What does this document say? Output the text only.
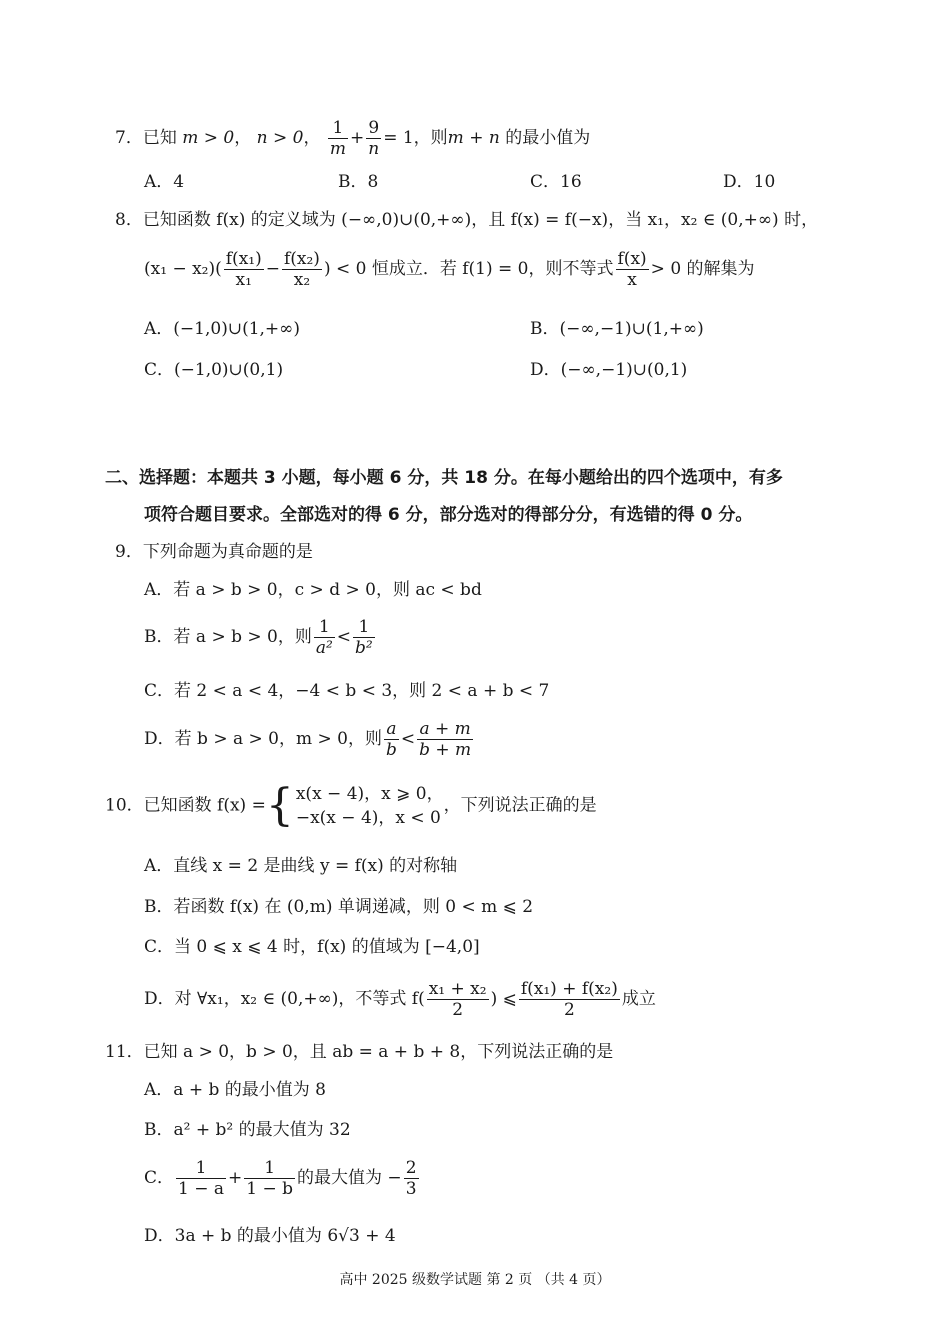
7．已知 m > 0， n > 0， $\frac{1}{m} + \frac{9}{n} = 1$，则m + n 的最小值为
A．4	B．8	C．16	D．10
8．已知函数 f(x) 的定义域为 (−∞,0)∪(0,+∞)，且 f(x) = f(−x)，当 x₁，x₂ ∈ (0,+∞) 时，
$(x_1 - x_2)( \frac{\text{f(x₁)}}{\text{x₁}} - \frac{\text{f(x₂)}}{\text{x₂}}$ ) < 0 恒成立．若 f(1) = 0，则不等式 $\frac{f(x)}{x} > 0$ 的解集为
A．(−1,0)∪(1,+∞)	B．(−∞,−1)∪(1,+∞)
C．(−1,0)∪(0,1)	D．(−∞,−1)∪(0,1)
二、选择题：本题共 3 小题，每小题 6 分，共 18 分。在每小题给出的四个选项中，有多
项符合题目要求。全部选对的得 6 分，部分选对的得部分分，有选错的得 0 分。
9．下列命题为真命题的是
A．若 a > b > 0，c > d > 0，则 ac < bd
B．若 a > b > 0，则 $\frac{1}{\text{a²}} < \frac{1}{\text{b²}}$
C．若 2 < a < 4，−4 < b < 3，则 2 < a + b < 7
D．若 b > a > 0，m > 0，则 $\frac{a}{b} < \frac{a + m}{b + m}$
10．已知函数 f(x) ={ x(x − 4)，x ⩾ 0，
−x(x − 4)，x < 0
，下列说法正确的是
A．直线 x = 2 是曲线 y = f(x) 的对称轴
B．若函数 f(x) 在 (0,m) 单调递减，则 0 < m ⩽ 2
C．当 0 ⩽ x ⩽ 4 时，f(x) 的值域为 [−4,0]
D．对 ∀x₁，x₂ ∈ (0,+∞)，不等式 $f( \frac{\text{x₁ + x₂}}{2}$ ) ⩽ $\frac{\text{f(x₁) + f(x₂)}}{2}$ 成立
11．已知 a > 0，b > 0，且 ab = a + b + 8，下列说法正确的是
A．a + b 的最小值为 8
B．a² + b² 的最大值为 32
C． $\frac{1}{1 - a} + \frac{1}{1 - b}$ 的最大值为 − $\frac{2}{3}$
D．3a + b 的最小值为 6√3 + 4
高中 2025 级数学试题 第 2 页 （共 4 页）
